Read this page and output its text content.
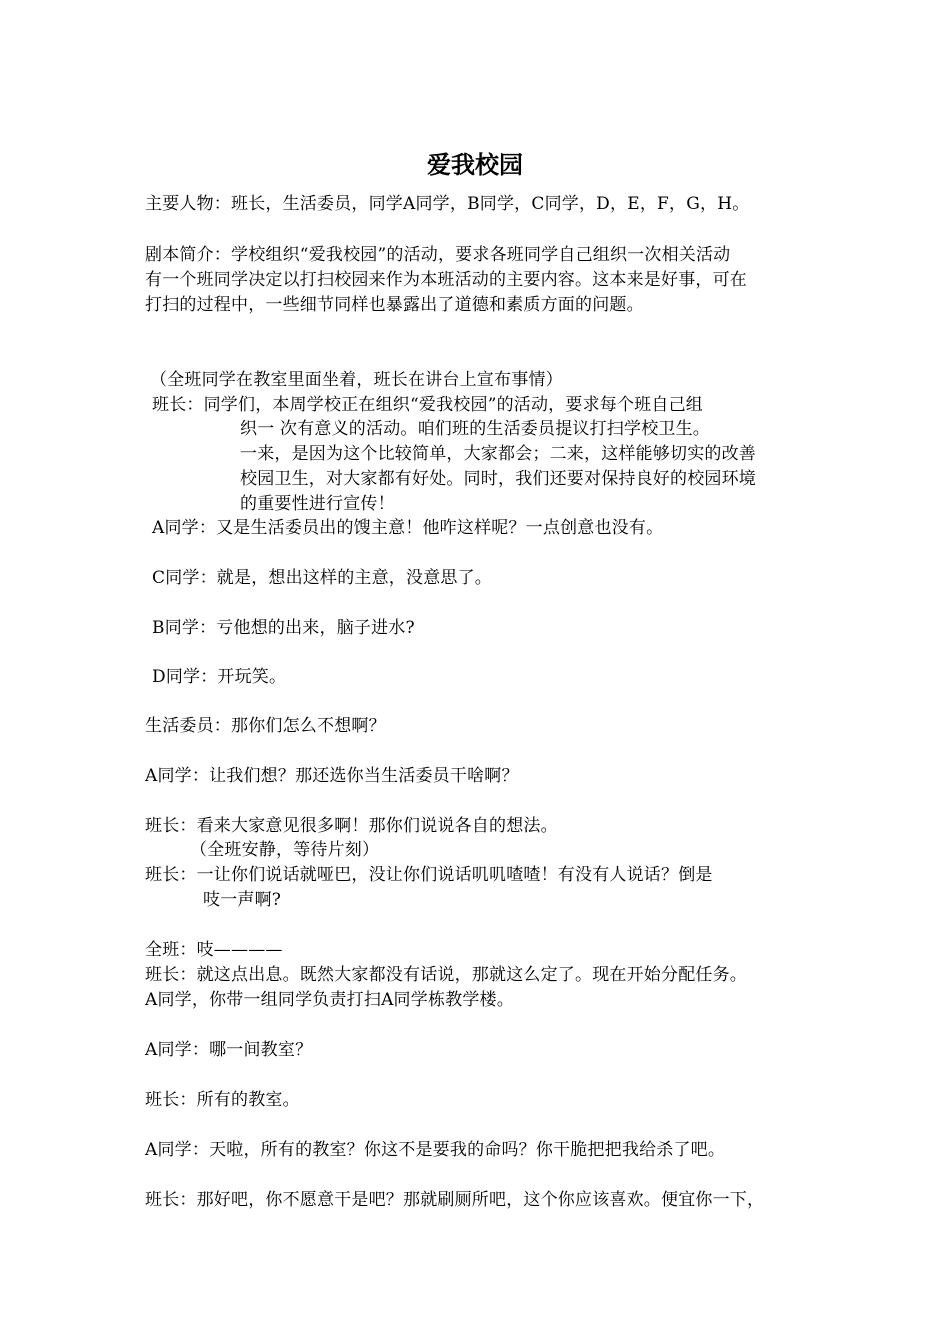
爱我校园
主要人物：班长，生活委员，同学A同学，B同学，C同学，D，E，F，G，H。
剧本简介：学校组织“爱我校园”的活动，要求各班同学自己组织一次相关活动
有一个班同学决定以打扫校园来作为本班活动的主要内容。这本来是好事，可在
打扫的过程中，一些细节同样也暴露出了道德和素质方面的问题。
（全班同学在教室里面坐着，班长在讲台上宣布事情）
班长：同学们，本周学校正在组织“爱我校园”的活动，要求每个班自己组
织一 次有意义的活动。咱们班的生活委员提议打扫学校卫生。
一来，是因为这个比较简单，大家都会；二来，这样能够切实的改善
校园卫生，对大家都有好处。同时，我们还要对保持良好的校园环境
的重要性进行宣传！
A同学：又是生活委员出的馊主意！他咋这样呢？一点创意也没有。
C同学：就是，想出这样的主意，没意思了。
B同学：亏他想的出来，脑子进水?
D同学：开玩笑。
生活委员：那你们怎么不想啊？
A同学：让我们想？那还选你当生活委员干啥啊？
班长：看来大家意见很多啊！那你们说说各自的想法。
（全班安静，等待片刻）
班长：一让你们说话就哑巴，没让你们说话叽叽喳喳！有没有人说话？倒是
吱一声啊?
全班：吱————
班长：就这点出息。既然大家都没有话说，那就这么定了。现在开始分配任务。
A同学，你带一组同学负责打扫A同学栋教学楼。
A同学：哪一间教室？
班长：所有的教室。
A同学：天啦，所有的教室？你这不是要我的命吗？你干脆把把我给杀了吧。
班长：那好吧，你不愿意干是吧？那就刷厕所吧，这个你应该喜欢。便宜你一下，
